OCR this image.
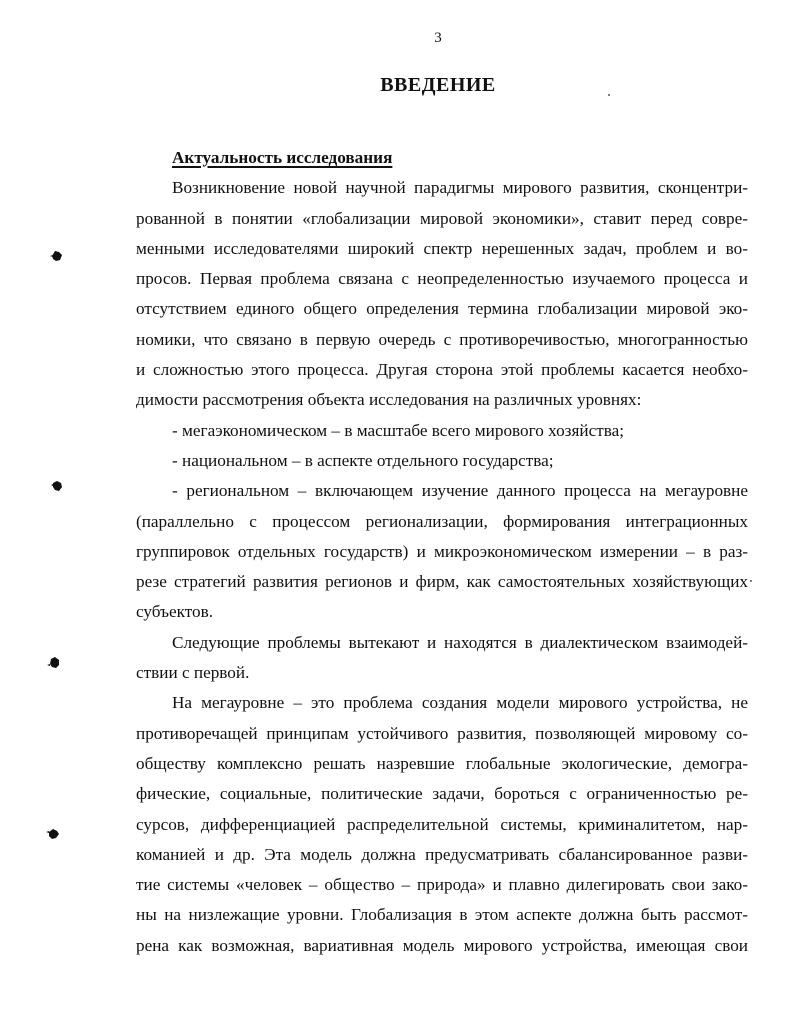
3
ВВЕДЕНИЕ
Актуальность исследования
Возникновение новой научной парадигмы мирового развития, сконцентри-
рованной в понятии «глобализации мировой экономики», ставит перед совре-
менными исследователями широкий спектр нерешенных задач, проблем и во-
просов. Первая проблема связана с неопределенностью изучаемого процесса и
отсутствием единого общего определения термина глобализации мировой эко-
номики, что связано в первую очередь с противоречивостью, многогранностью
и сложностью этого процесса. Другая сторона этой проблемы касается необхо-
димости рассмотрения объекта исследования на различных уровнях:
- мегаэкономическом – в масштабе всего мирового хозяйства;
- национальном – в аспекте отдельного государства;
- региональном – включающем изучение данного процесса на мегауровне
(параллельно с процессом регионализации, формирования интеграционных
группировок отдельных государств) и микроэкономическом измерении – в раз-
резе стратегий развития регионов и фирм, как самостоятельных хозяйствующих
субъектов.
Следующие проблемы вытекают и находятся в диалектическом взаимодей-
ствии с первой.
На мегауровне – это проблема создания модели мирового устройства, не
противоречащей принципам устойчивого развития, позволяющей мировому со-
обществу комплексно решать назревшие глобальные экологические, демогра-
фические, социальные, политические задачи, бороться с ограниченностью ре-
сурсов, дифференциацией распределительной системы, криминалитетом, нар-
команией и др. Эта модель должна предусматривать сбалансированное разви-
тие системы «человек – общество – природа» и плавно дилегировать свои зако-
ны на низлежащие уровни. Глобализация в этом аспекте должна быть рассмот-
рена как возможная, вариативная модель мирового устройства, имеющая свои
